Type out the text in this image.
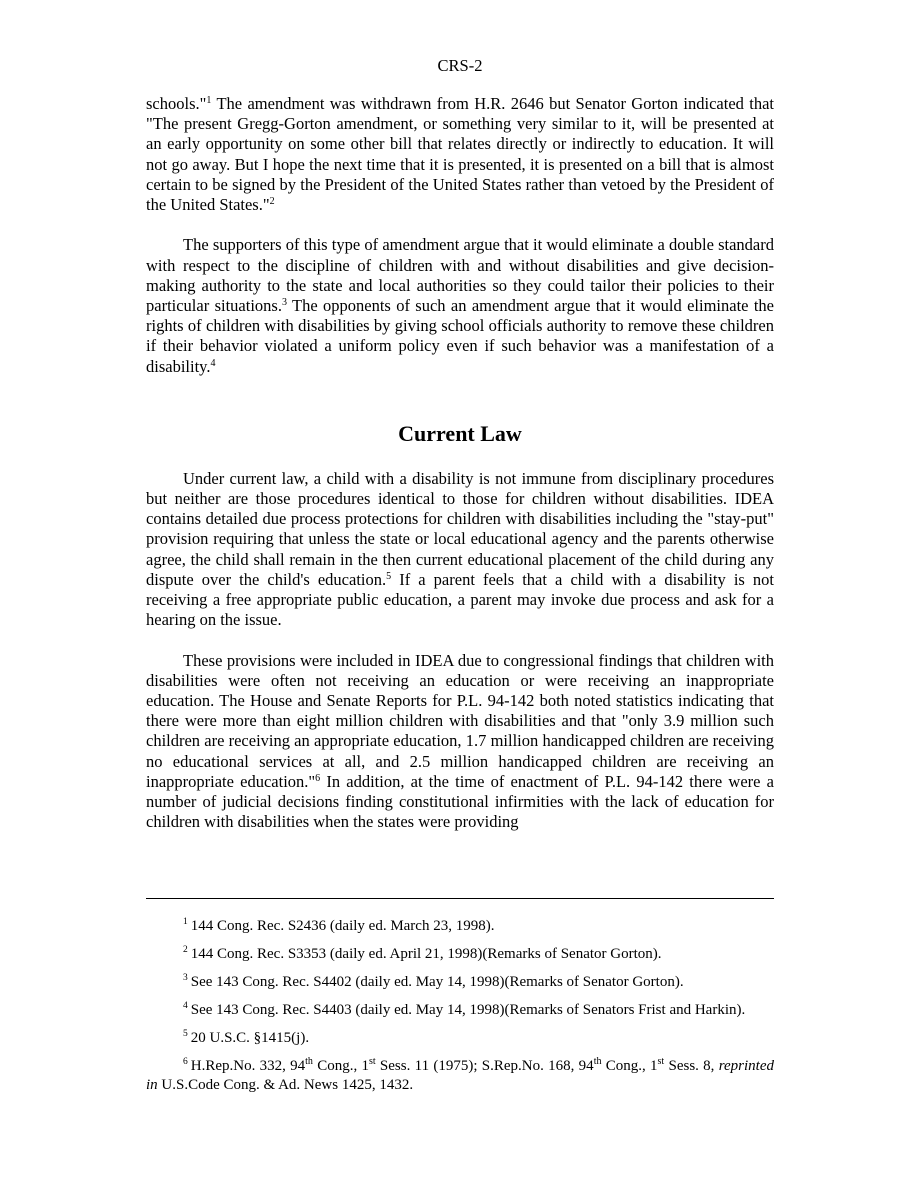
CRS-2

schools."$^1$ The amendment was withdrawn from H.R. 2646 but Senator Gorton indicated that "The present Gregg-Gorton amendment, or something very similar to it, will be presented at an early opportunity on some other bill that relates directly or indirectly to education. It will not go away. But I hope the next time that it is presented, it is presented on a bill that is almost certain to be signed by the President of the United States rather than vetoed by the President of the United States."$^2$

The supporters of this type of amendment argue that it would eliminate a double standard with respect to the discipline of children with and without disabilities and give decision-making authority to the state and local authorities so they could tailor their policies to their particular situations.$^3$ The opponents of such an amendment argue that it would eliminate the rights of children with disabilities by giving school officials authority to remove these children if their behavior violated a uniform policy even if such behavior was a manifestation of a disability.$^4$

Current Law

Under current law, a child with a disability is not immune from disciplinary procedures but neither are those procedures identical to those for children without disabilities. IDEA contains detailed due process protections for children with disabilities including the "stay-put" provision requiring that unless the state or local educational agency and the parents otherwise agree, the child shall remain in the then current educational placement of the child during any dispute over the child's education.$^5$ If a parent feels that a child with a disability is not receiving a free appropriate public education, a parent may invoke due process and ask for a hearing on the issue.

These provisions were included in IDEA due to congressional findings that children with disabilities were often not receiving an education or were receiving an inappropriate education. The House and Senate Reports for P.L. 94-142 both noted statistics indicating that there were more than eight million children with disabilities and that "only 3.9 million such children are receiving an appropriate education, 1.7 million handicapped children are receiving no educational services at all, and 2.5 million handicapped children are receiving an inappropriate education."$^6$ In addition, at the time of enactment of P.L. 94-142 there were a number of judicial decisions finding constitutional infirmities with the lack of education for children with disabilities when the states were providing

$^1$ 144 Cong. Rec. S2436 (daily ed. March 23, 1998).

$^2$ 144 Cong. Rec. S3353 (daily ed. April 21, 1998)(Remarks of Senator Gorton).

$^3$ See 143 Cong. Rec. S4402 (daily ed. May 14, 1998)(Remarks of Senator Gorton).

$^4$ See 143 Cong. Rec. S4403 (daily ed. May 14, 1998)(Remarks of Senators Frist and Harkin).

$^5$ 20 U.S.C. §1415(j).

$^6$ H.Rep.No. 332, 94th Cong., 1st Sess. 11 (1975); S.Rep.No. 168, 94th Cong., 1st Sess. 8, reprinted in U.S.Code Cong. & Ad. News 1425, 1432.
